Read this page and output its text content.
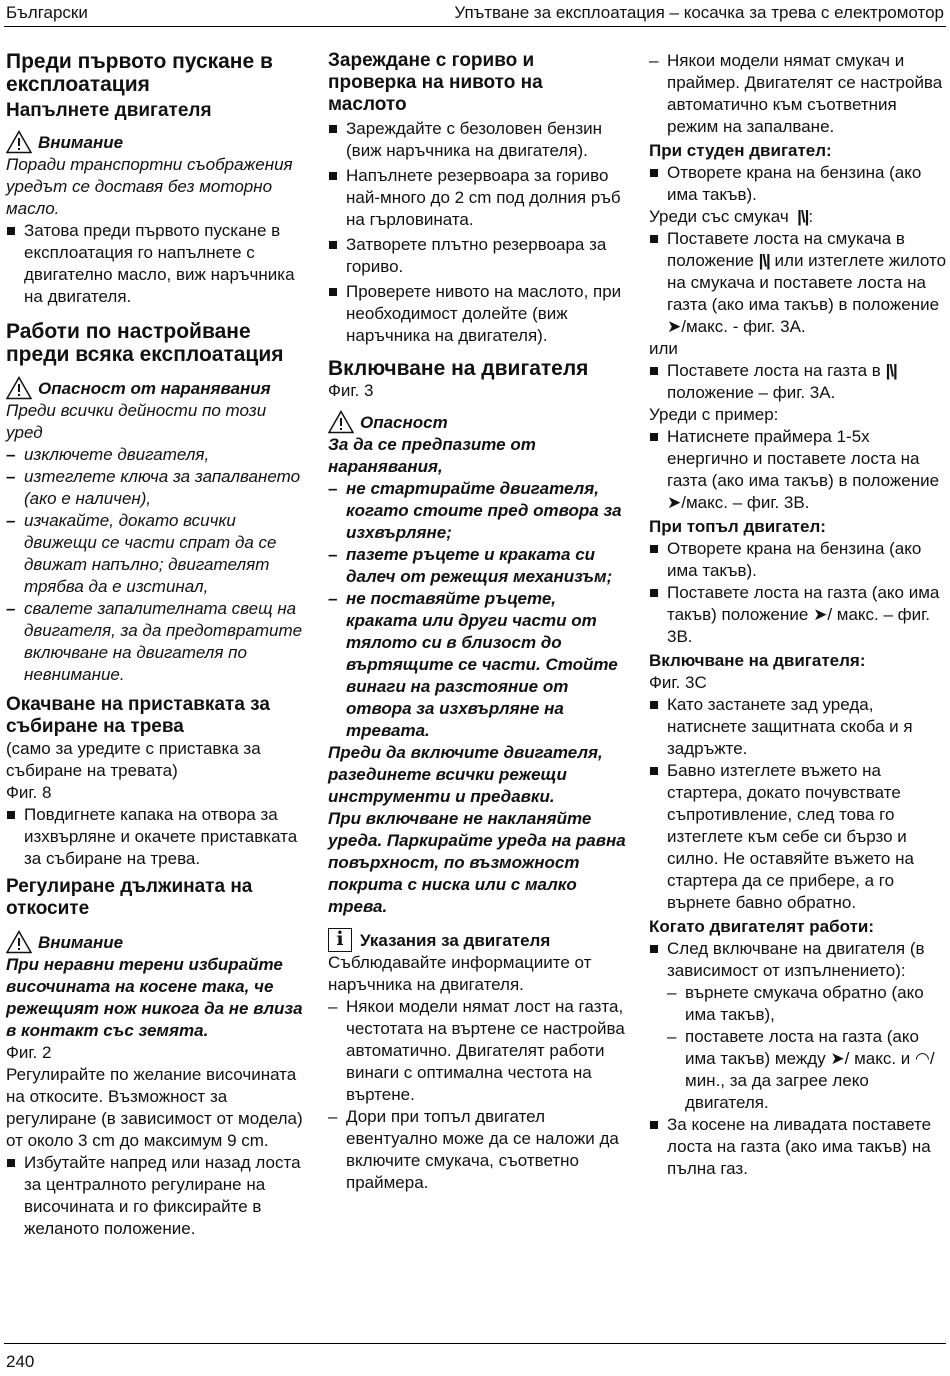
Български	Упътване за експлоатация – косачка за трева с електромотор
Преди първото пускане в експлоатация
Напълнете двигателя
Внимание

Поради транспортни съображения уредът се доставя без моторно масло.

Затова преди първото пускане в експлоатация го напълнете с двигателно масло, виж наръчника на двигателя.
Работи по настройване преди всяка експлоатация
Опасност от наранявания

Преди всички дейности по този уред

– изключете двигателя,
– изтеглете ключа за запалването (ако е наличен),
– изчакайте, докато всички движещи се части спрат да се движат напълно; двигателят трябва да е изстинал,
– свалете запалителната свещ на двигателя, за да предотвратите включване на двигателя по невнимание.
Окачване на приставката за събиране на трева

(само за уредите с приставка за събиране на тревата)

Фиг. 8

Повдигнете капака на отвора за изхвърляне и окачете приставката за събиране на трева.
Регулиране дължината на откосите
Внимание

При неравни терени избирайте височината на косене така, че режещият нож никога да не влиза в контакт със земята.

Фиг. 2

Регулирайте по желание височината на откосите. Възможност за регулиране (в зависимост от модела) от около 3 cm до максимум 9 cm.

Избутайте напред или назад лоста за централното регулиране на височината и го фиксирайте в желаното положение.
Зареждане с гориво и проверка на нивото на маслото
Зареждайте с безоловен бензин (виж наръчника на двигателя).
Напълнете резервоара за гориво най-много до 2 cm под долния ръб на гърловината.
Затворете плътно резервоара за гориво.
Проверете нивото на маслото, при необходимост долейте (виж наръчника на двигателя).
Включване на двигателя

Фиг. 3

Опасност

За да се предпазите от наранявания,

– не стартирайте двигателя, когато стоите пред отвора за изхвърляне;
– пазете ръцете и краката си далеч от режещия механизъм;
– не поставяйте ръцете, краката или други части от тялото си в близост до въртящите се части. Стойте винаги на разстояние от отвора за изхвърляне на тревата.

Преди да включите двигателя, разединете всички режещи инструменти и предавки.

При включване не накланяйте уреда. Паркирайте уреда на равна повърхност, по възможност покрита с ниска или с малко трева.

i Указания за двигателя

Съблюдавайте информациите от наръчника на двигателя.

– Някои модели нямат лост на газта, честотата на въртене се настройва автоматично. Двигателят работи винаги с оптимална честота на въртене.
– Дори при топъл двигател евентуално може да се наложи да включите смукача, съответно праймера.
– Някои модели нямат смукач и праймер. Двигателят се настройва автоматично към съответния режим на запалване.
При студен двигател:
Отворете крана на бензина (ако има такъв).

Уреди със смукач  |\|:

Поставете лоста на смукача в положение |\| или изтеглете жилото на смукача и поставете лоста на газта (ако има такъв) в положение ➤/макс. - фиг. 3A.

или

Поставете лоста на газта в |\| положение – фиг. 3A.

Уреди с пример:

Натиснете праймера 1-5x енергично и поставете лоста на газта (ако има такъв) в положение ➤/макс. – фиг. 3B.
При топъл двигател:
Отворете крана на бензина (ако има такъв).
Поставете лоста на газта (ако има такъв) положение ➤/ макс. – фиг. 3B.
Включване на двигателя:

Фиг. 3C

Като застанете зад уреда, натиснете защитната скоба и я задръжте.
Бавно изтеглете въжето на стартера, докато почувствате съпротивление, след това го изтеглете към себе си бързо и силно. Не оставяйте въжето на стартера да се прибере, а го върнете бавно обратно.
Когато двигателят работи:
След включване на двигателя (в зависимост от изпълнението):
– върнете смукача обратно (ако има такъв),
– поставете лоста на газта (ако има такъв) между ➤/ макс. и ◠/мин., за да загрее леко двигателя.
За косене на ливадата поставете лоста на газта (ако има такъв) на пълна газ.
240
